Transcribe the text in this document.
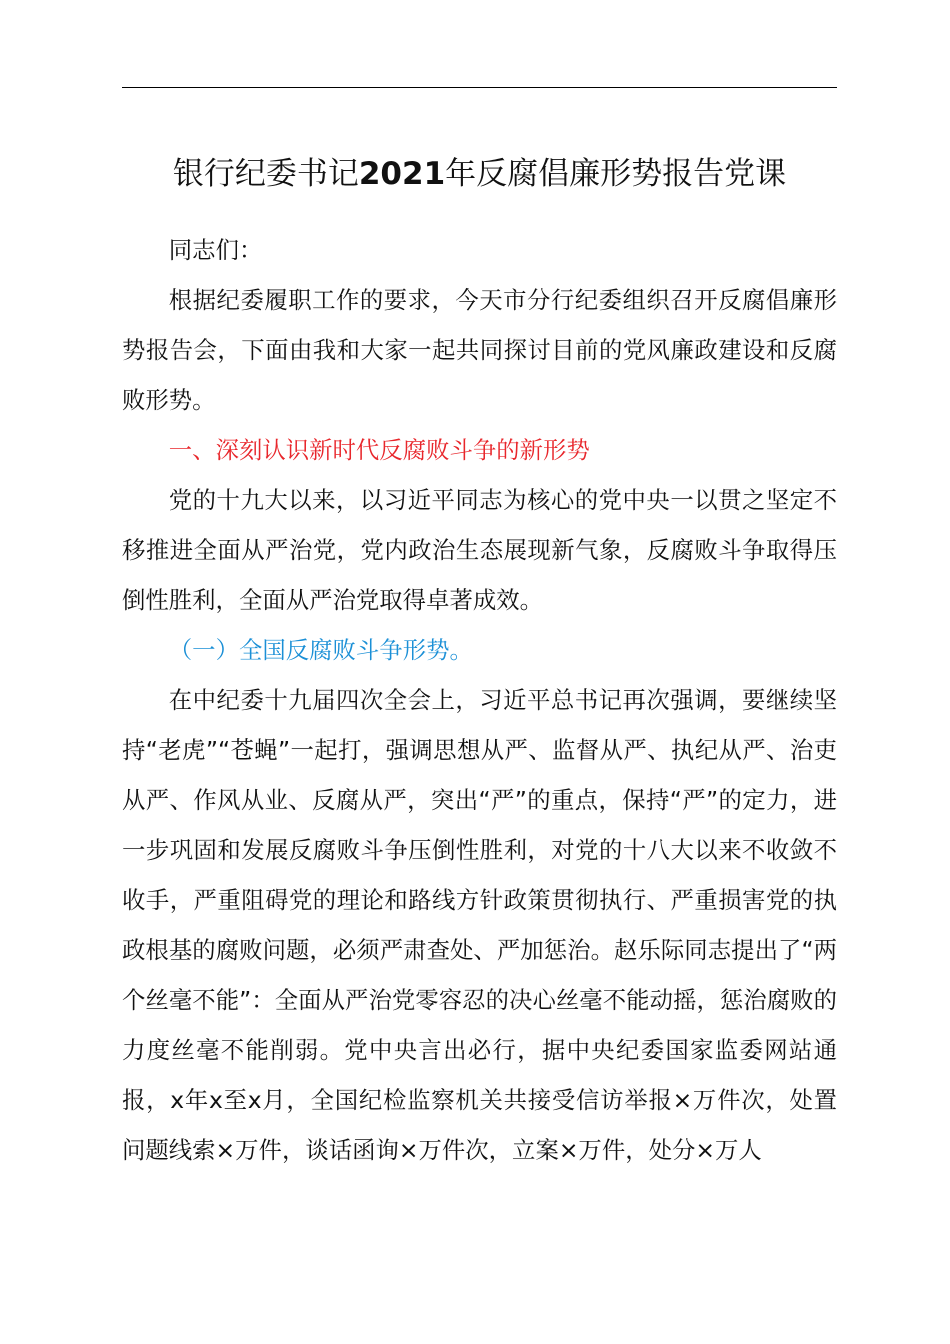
银行纪委书记2021年反腐倡廉形势报告党课

同志们：

根据纪委履职工作的要求，今天市分行纪委组织召开反腐倡廉形势报告会，下面由我和大家一起共同探讨目前的党风廉政建设和反腐败形势。

一、深刻认识新时代反腐败斗争的新形势

党的十九大以来，以习近平同志为核心的党中央一以贯之坚定不移推进全面从严治党，党内政治生态展现新气象，反腐败斗争取得压倒性胜利，全面从严治党取得卓著成效。

（一）全国反腐败斗争形势。

在中纪委十九届四次全会上，习近平总书记再次强调，要继续坚持“老虎”“苍蝇”一起打，强调思想从严、监督从严、执纪从严、治吏从严、作风从业、反腐从严，突出“严”的重点，保持“严”的定力，进一步巩固和发展反腐败斗争压倒性胜利，对党的十八大以来不收敛不收手，严重阻碍党的理论和路线方针政策贯彻执行、严重损害党的执政根基的腐败问题，必须严肃查处、严加惩治。赵乐际同志提出了“两个丝毫不能”：全面从严治党零容忍的决心丝毫不能动摇，惩治腐败的力度丝毫不能削弱。党中央言出必行，据中央纪委国家监委网站通报，x年x至x月，全国纪检监察机关共接受信访举报×万件次，处置问题线索×万件，谈话函询×万件次，立案×万件，处分×万人
